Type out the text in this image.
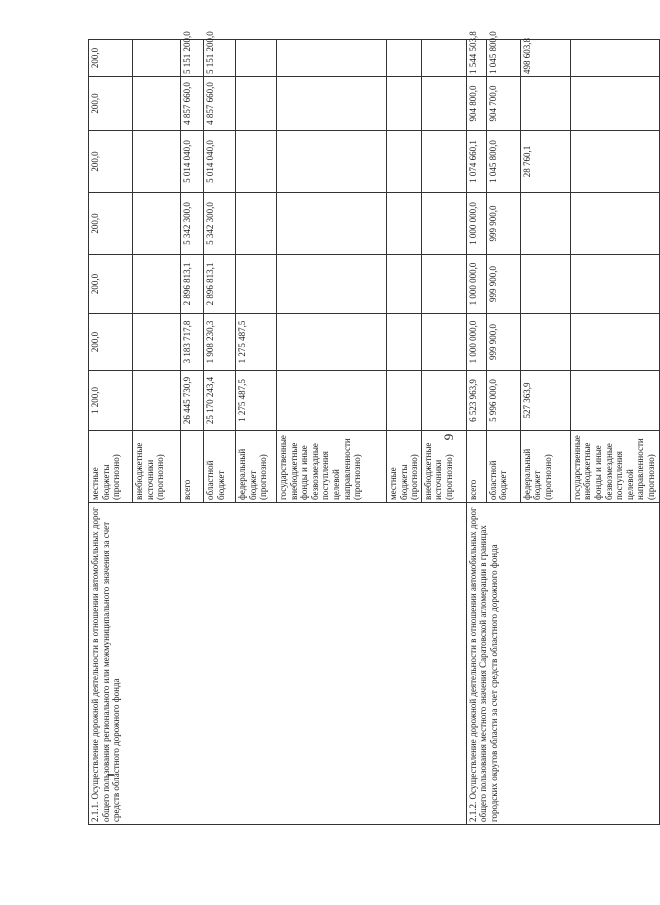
9
2.1.1. Осуществление дорожной деятельности в отношении автомобильных дорог общего пользования регионального или межмуниципального значения за счет средств областного дорожного фонда	местные бюджеты (прогнозно)	1 200,0	200,0	200,0	200,0	200,0	200,0	200,0	
	внебюджетные источники (прогнозно)								
	всего	26 445 730,9	3 183 717,8	2 896 813,1	5 342 300,0	5 014 040,0	4 857 660,0	5 151 200,0	
	областной бюджет	25 170 243,4	1 908 230,3	2 896 813,1	5 342 300,0	5 014 040,0	4 857 660,0	5 151 200,0	
	федеральный бюджет (прогнозно)	1 275 487,5	1 275 487,5						
	государственные внебюджетные фонды и иные безвозмездные поступления целевой направленности (прогнозно)								
	местные бюджеты (прогнозно)								
	внебюджетные источники (прогнозно)								
2.1.2. Осуществление дорожной деятельности в отношении автомобильных дорог общего пользования местного значения Саратовской агломерации в границах городских округов области за счет средств областного дорожного фонда	всего	6 523 963,9	1 000 000,0	1 000 000,0	1 000 000,0	1 074 660,1	904 800,0	1 544 503,8	
	областной бюджет	5 996 000,0	999 900,0	999 900,0	999 900,0	1 045 800,0	904 700,0	1 045 800,0	
	федеральный бюджет (прогнозно)	527 363,9				28 760,1		498 603,8	
	государственные внебюджетные фонды и иные безвозмездные поступления целевой направленности (прогнозно)								
